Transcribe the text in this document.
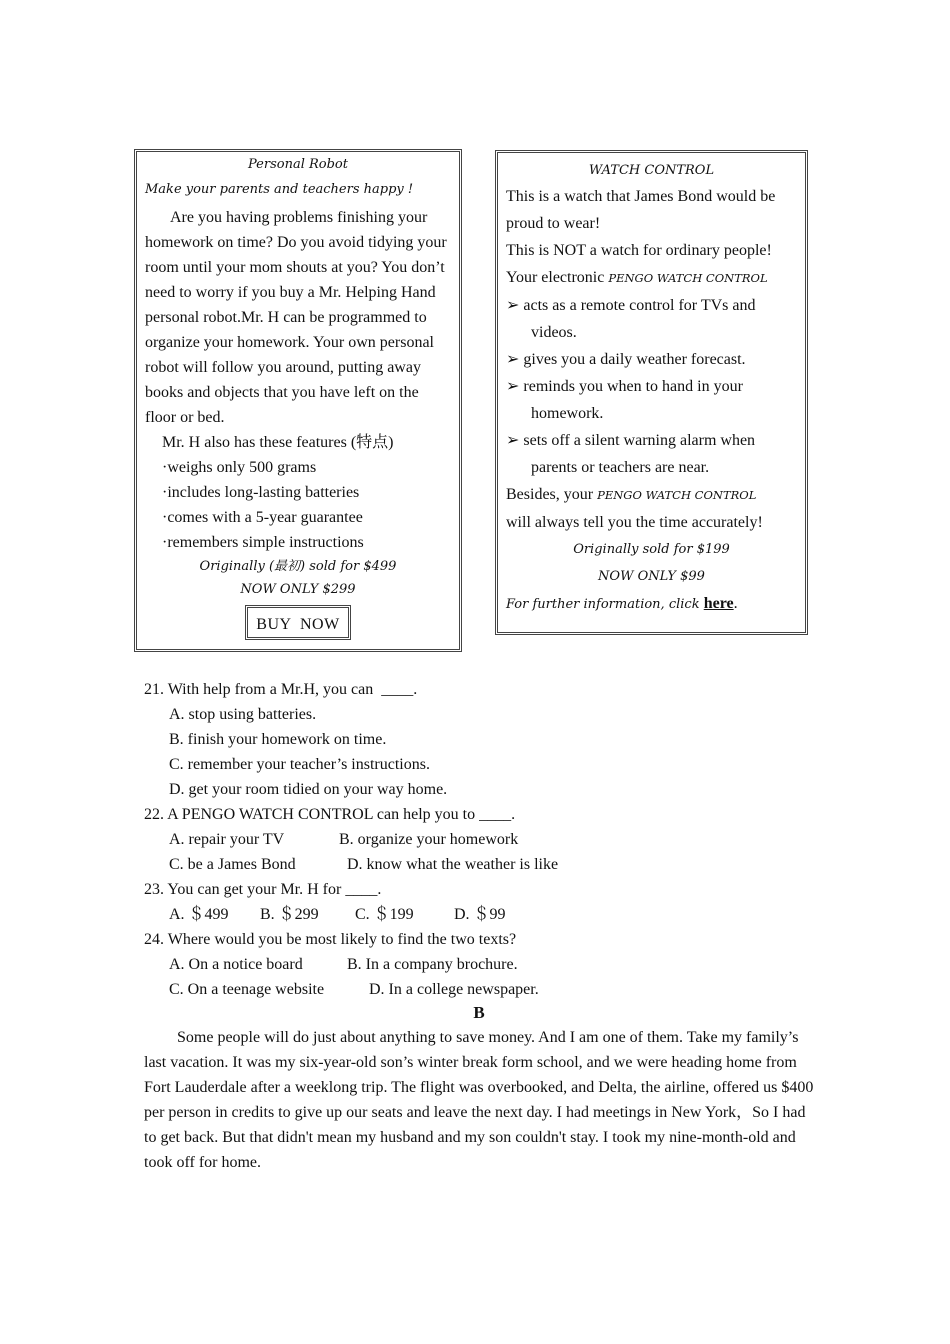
Personal Robot
Make your parents and teachers happy !
Are you having problems finishing your homework on time? Do you avoid tidying your room until your mom shouts at you? You don’t need to worry if you buy a Mr. Helping Hand personal robot.Mr. H can be programmed to organize your homework. Your own personal robot will follow you around, putting away books and objects that you have left on the floor or bed.
Mr. H also has these features (特点)
·weighs only 500 grams
·includes long-lasting batteries
·comes with a 5-year guarantee
·remembers simple instructions
Originally (最初) sold for $499
NOW ONLY $299
BUY  NOW
WATCH CONTROL
This is a watch that James Bond would be
proud to wear!
This is NOT a watch for ordinary people!
Your electronic PENGO WATCH CONTROL
➢ acts as a remote control for TVs and
videos.
➢ gives you a daily weather forecast.
➢ reminds you when to hand in your
homework.
➢ sets off a silent warning alarm when
parents or teachers are near.
Besides, your PENGO WATCH CONTROL
will always tell you the time accurately!
Originally sold for $199
NOW ONLY $99
For further information, click here.
21. With help from a Mr.H, you can  ____.
A. stop using batteries.
B. finish your homework on time.
C. remember your teacher’s instructions.
D. get your room tidied on your way home.
22. A PENGO WATCH CONTROL can help you to ____.
A. repair your TV	B. organize your homework
C. be a James Bond	D. know what the weather is like
23. You can get your Mr. H for ____.
A. ＄499 B. ＄299 C. ＄199	D. ＄99
24. Where would you be most likely to find the two texts?
A. On a notice board	B. In a company brochure.
C. On a teenage website	D. In a college newspaper.
B

Some people will do just about anything to save money. And I am one of them. Take my family’s last vacation. It was my six-year-old son’s winter break form school, and we were heading home from Fort Lauderdale after a weeklong trip. The flight was overbooked, and Delta, the airline, offered us $400 per person in credits to give up our seats and leave the next day. I had meetings in New York，So I had to get back. But that didn't mean my husband and my son couldn't stay. I took my nine-month-old and took off for home.
